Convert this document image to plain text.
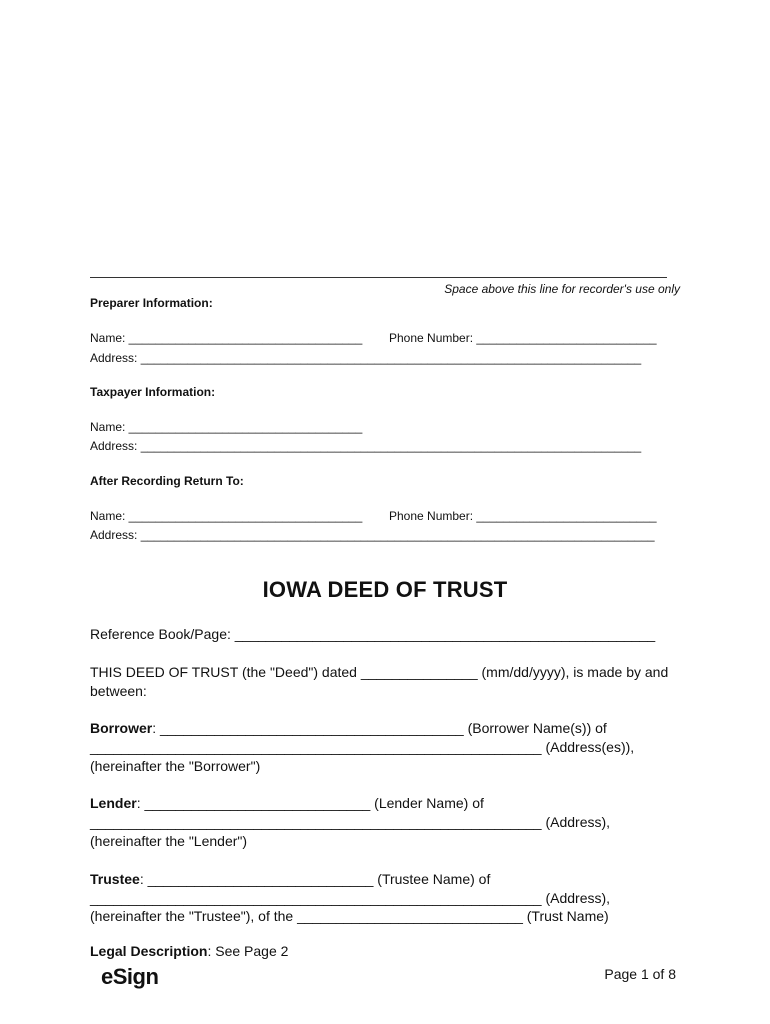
Space above this line for recorder's use only
Preparer Information:
Name: ___________________________________ Phone Number: ___________________________
Address: ___________________________________________________________________________
Taxpayer Information:
Name: ___________________________________
Address: ___________________________________________________________________________
After Recording Return To:
Name: ___________________________________ Phone Number: ___________________________
Address: _____________________________________________________________________________
IOWA DEED OF TRUST
Reference Book/Page: ______________________________________________________
THIS DEED OF TRUST (the "Deed") dated _______________ (mm/dd/yyyy), is made by and
between:
Borrower: _______________________________________ (Borrower Name(s)) of
__________________________________________________________ (Address(es)),
(hereinafter the "Borrower")
Lender: _____________________________ (Lender Name) of
__________________________________________________________ (Address),
(hereinafter the "Lender")
Trustee: _____________________________ (Trustee Name) of
__________________________________________________________ (Address),
(hereinafter the "Trustee"), of the _____________________________ (Trust Name)
Legal Description: See Page 2
eSign	Page 1 of 8
